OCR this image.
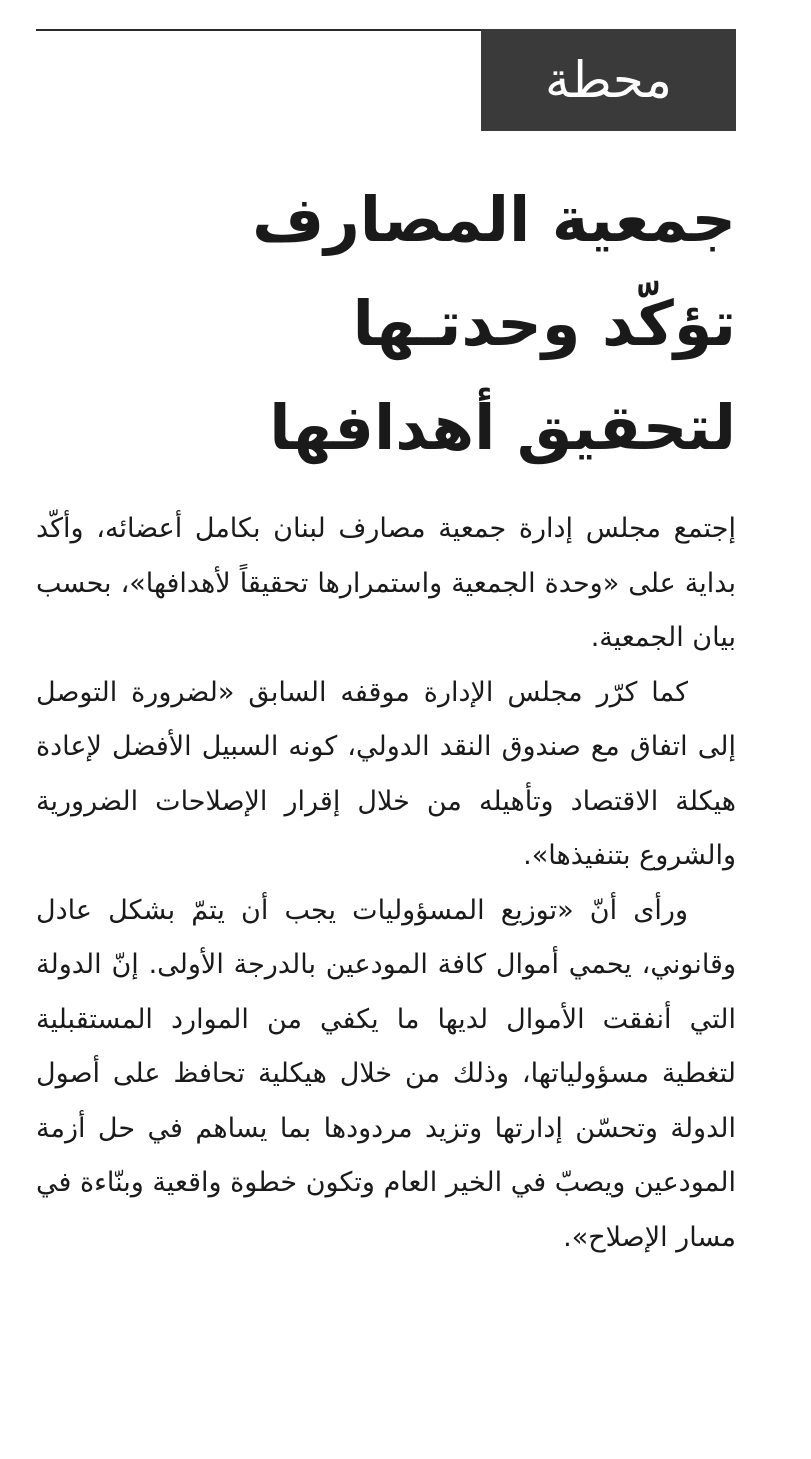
محطة
جمعية المصارف
تؤكّد وحدتـها
لتحقيق أهدافها

إجتمع مجلس إدارة جمعية مصارف لبنان بكامل أعضائه، وأكّد بداية على «وحدة الجمعية واستمرارها تحقيقاً لأهدافها»، بحسب بيان الجمعية.

كما كرّر مجلس الإدارة موقفه السابق «لضرورة التوصل إلى اتفاق مع صندوق النقد الدولي، كونه السبيل الأفضل لإعادة هيكلة الاقتصاد وتأهيله من خلال إقرار الإصلاحات الضرورية والشروع بتنفيذها».

ورأى أنّ «توزيع المسؤوليات يجب أن يتمّ بشكل عادل وقانوني، يحمي أموال كافة المودعين بالدرجة الأولى. إنّ الدولة التي أنفقت الأموال لديها ما يكفي من الموارد المستقبلية لتغطية مسؤولياتها، وذلك من خلال هيكلية تحافظ على أصول الدولة وتحسّن إدارتها وتزيد مردودها بما يساهم في حل أزمة المودعين ويصبّ في الخير العام وتكون خطوة واقعية وبنّاءة في مسار الإصلاح».
